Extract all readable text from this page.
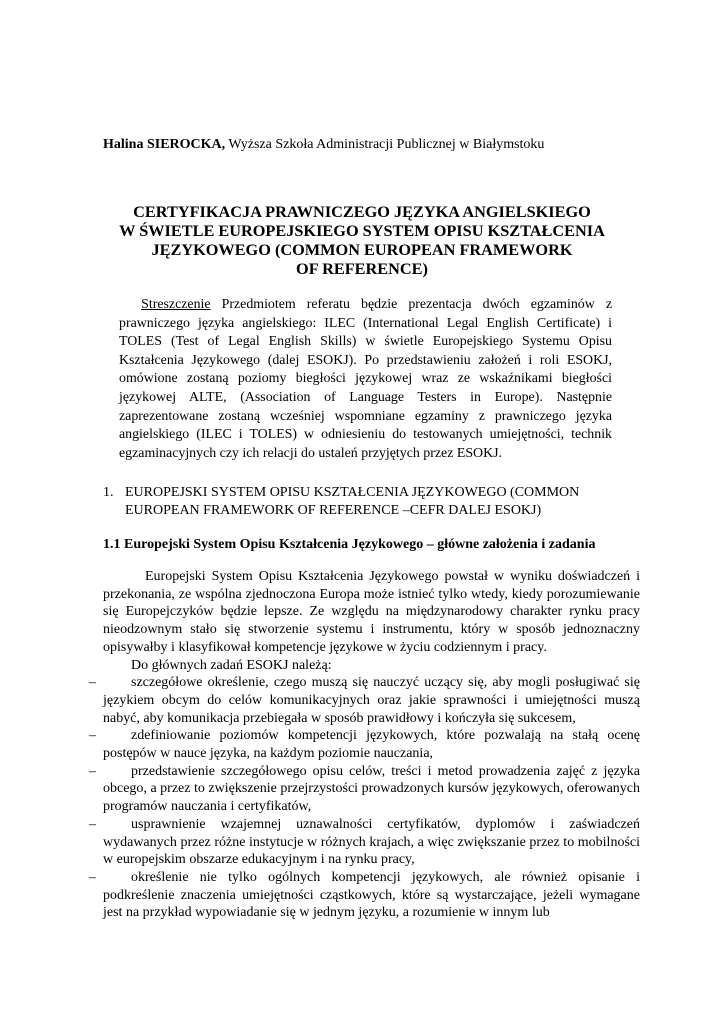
Halina SIEROCKA, Wyższa Szkoła Administracji Publicznej w Białymstoku
CERTYFIKACJA PRAWNICZEGO JĘZYKA ANGIELSKIEGO
W ŚWIETLE EUROPEJSKIEGO SYSTEM OPISU KSZTAŁCENIA
JĘZYKOWEGO (COMMON EUROPEAN FRAMEWORK
OF REFERENCE)
Streszczenie Przedmiotem referatu będzie prezentacja dwóch egzaminów z prawniczego języka angielskiego: ILEC (International Legal English Certificate) i TOLES (Test of Legal English Skills) w świetle Europejskiego Systemu Opisu Kształcenia Językowego (dalej ESOKJ). Po przedstawieniu założeń i roli ESOKJ, omówione zostaną poziomy biegłości językowej wraz ze wskaźnikami biegłości językowej ALTE, (Association of Language Testers in Europe). Następnie zaprezentowane zostaną wcześniej wspomniane egzaminy z prawniczego języka angielskiego (ILEC i TOLES) w odniesieniu do testowanych umiejętności, technik egzaminacyjnych czy ich relacji do ustaleń przyjętych przez ESOKJ.
1. EUROPEJSKI SYSTEM OPISU KSZTAŁCENIA JĘZYKOWEGO (COMMON EUROPEAN FRAMEWORK OF REFERENCE –CEFR DALEJ ESOKJ)
1.1 Europejski System Opisu Kształcenia Językowego – główne założenia i zadania

Europejski System Opisu Kształcenia Językowego powstał w wyniku doświadczeń i przekonania, ze wspólna zjednoczona Europa może istnieć tylko wtedy, kiedy porozumiewanie się Europejczyków będzie lepsze. Ze względu na międzynarodowy charakter rynku pracy nieodzownym stało się stworzenie systemu i instrumentu, który w sposób jednoznaczny opisywałby i klasyfikował kompetencje językowe w życiu codziennym i pracy.

Do głównych zadań ESOKJ należą:

–	szczegółowe określenie, czego muszą się nauczyć uczący się, aby mogli posługiwać się językiem obcym do celów komunikacyjnych oraz jakie sprawności i umiejętności muszą nabyć, aby komunikacja przebiegała w sposób prawidłowy i kończyła się sukcesem,

–	zdefiniowanie poziomów kompetencji językowych, które pozwalają na stałą ocenę postępów w nauce języka, na każdym poziomie nauczania,

–	przedstawienie szczegółowego opisu celów, treści i metod prowadzenia zajęć z języka obcego, a przez to zwiększenie przejrzystości prowadzonych kursów językowych, oferowanych programów nauczania i certyfikatów,

–	usprawnienie wzajemnej uznawalności certyfikatów, dyplomów i zaświadczeń wydawanych przez różne instytucje w różnych krajach, a więc zwiększanie przez to mobilności w europejskim obszarze edukacyjnym i na rynku pracy,

–	określenie nie tylko ogólnych kompetencji językowych, ale również opisanie i podkreślenie znaczenia umiejętności cząstkowych, które są wystarczające, jeżeli wymagane jest na przykład wypowiadanie się w jednym języku, a rozumienie w innym lub
